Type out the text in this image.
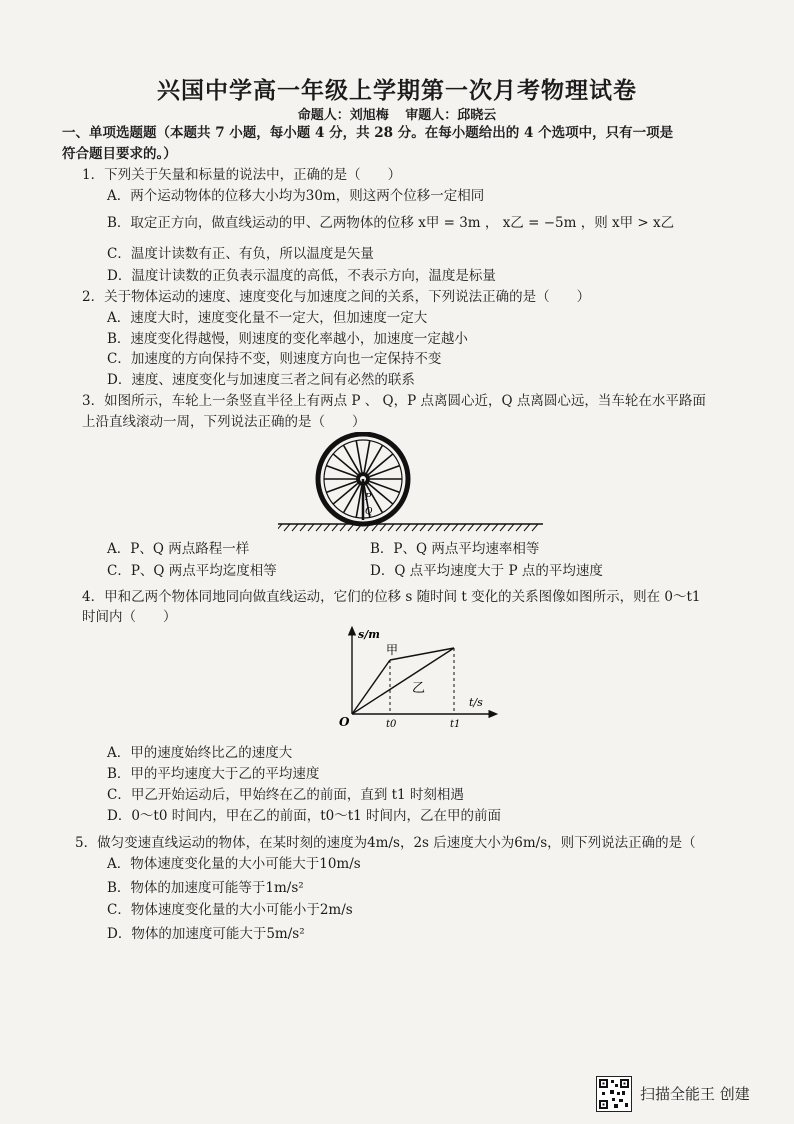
兴国中学高一年级上学期第一次月考物理试卷
命题人：刘旭梅 审题人：邱晓云
一、单项选题题（本题共 7 小题，每小题 4 分，共 28 分。在每小题给出的 4 个选项中，只有一项是
符合题目要求的。）
1．下列关于矢量和标量的说法中，正确的是（　　）
A．两个运动物体的位移大小均为30m，则这两个位移一定相同
B．取定正方向，做直线运动的甲、乙两物体的位移 x甲 = 3m ， x乙 = −5m ，则 x甲 > x乙
C．温度计读数有正、有负，所以温度是矢量
D．温度计读数的正负表示温度的高低，不表示方向，温度是标量
2．关于物体运动的速度、速度变化与加速度之间的关系，下列说法正确的是（　　）
A．速度大时，速度变化量不一定大，但加速度一定大
B．速度变化得越慢，则速度的变化率越小，加速度一定越小
C．加速度的方向保持不变，则速度方向也一定保持不变
D．速度、速度变化与加速度三者之间有必然的联系
3．如图所示，车轮上一条竖直半径上有两点 P 、 Q，P 点离圆心近，Q 点离圆心远，当车轮在水平路面
上沿直线滚动一周，下列说法正确的是（　　）
P
Q
A．P、Q 两点路程一样	B．P、Q 两点平均速率相等
C．P、Q 两点平均迄度相等	D．Q 点平均速度大于 P 点的平均速度
4．甲和乙两个物体同地同向做直线运动，它们的位移 s 随时间 t 变化的关系图像如图所示，则在 0～t1
时间内（　　）
s/m
t/s
O	t0	t1
甲
乙
A．甲的速度始终比乙的速度大
B．甲的平均速度大于乙的平均速度
C．甲乙开始运动后，甲始终在乙的前面，直到 t1 时刻相遇
D．0～t0 时间内，甲在乙的前面，t0～t1 时间内，乙在甲的前面
5．做匀变速直线运动的物体，在某时刻的速度为4m/s，2s 后速度大小为6m/s，则下列说法正确的是（
A．物体速度变化量的大小可能大于10m/s
B．物体的加速度可能等于1m/s²
C．物体速度变化量的大小可能小于2m/s
D．物体的加速度可能大于5m/s²
扫描全能王 创建
